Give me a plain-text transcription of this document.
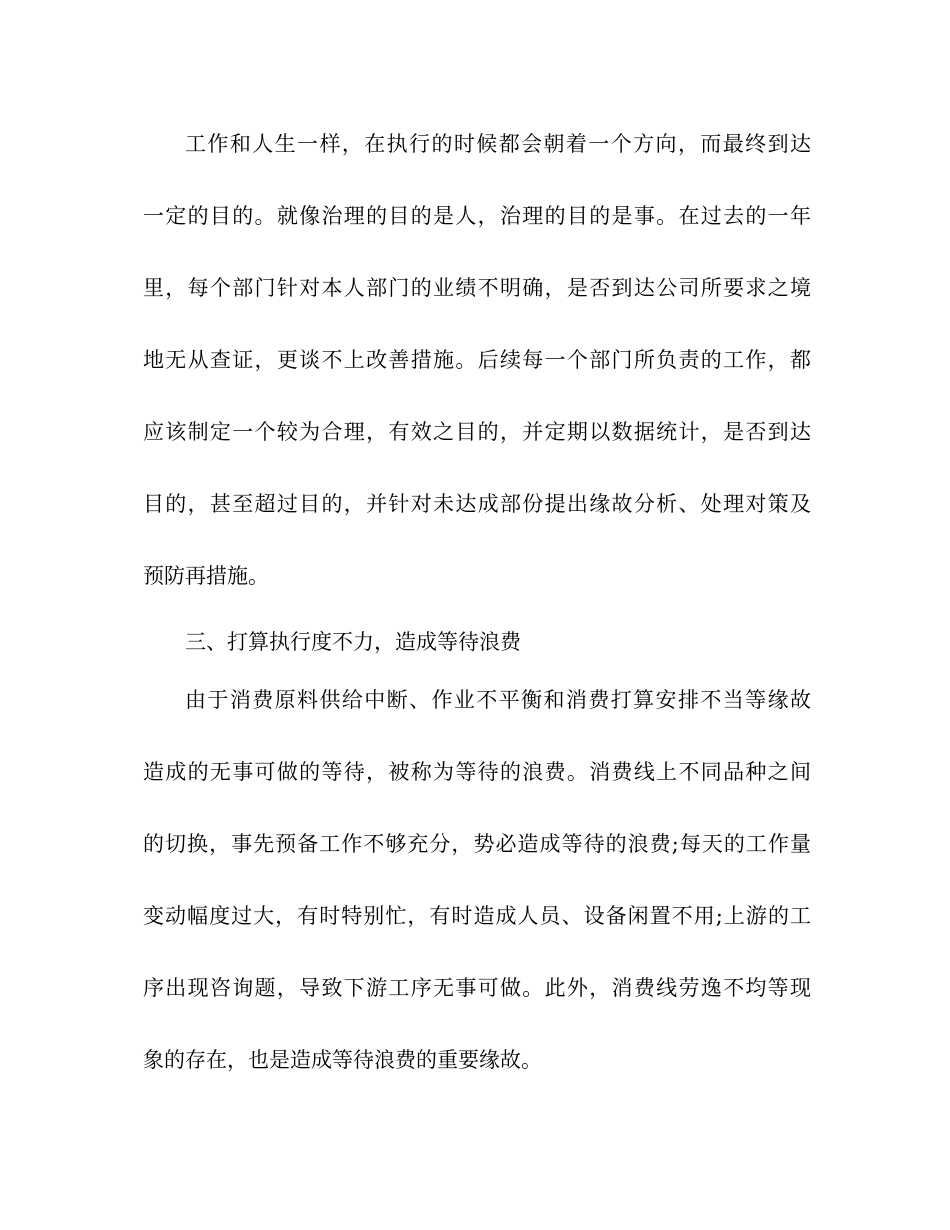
工作和人生一样，在执行的时候都会朝着一个方向，而最终到达
一定的目的。就像治理的目的是人，治理的目的是事。在过去的一年
里，每个部门针对本人部门的业绩不明确，是否到达公司所要求之境
地无从查证，更谈不上改善措施。后续每一个部门所负责的工作，都
应该制定一个较为合理，有效之目的，并定期以数据统计，是否到达
目的，甚至超过目的，并针对未达成部份提出缘故分析、处理对策及
预防再措施。
三、打算执行度不力，造成等待浪费
由于消费原料供给中断、作业不平衡和消费打算安排不当等缘故
造成的无事可做的等待，被称为等待的浪费。消费线上不同品种之间
的切换，事先预备工作不够充分，势必造成等待的浪费;每天的工作量
变动幅度过大，有时特别忙，有时造成人员、设备闲置不用;上游的工
序出现咨询题，导致下游工序无事可做。此外，消费线劳逸不均等现
象的存在，也是造成等待浪费的重要缘故。
